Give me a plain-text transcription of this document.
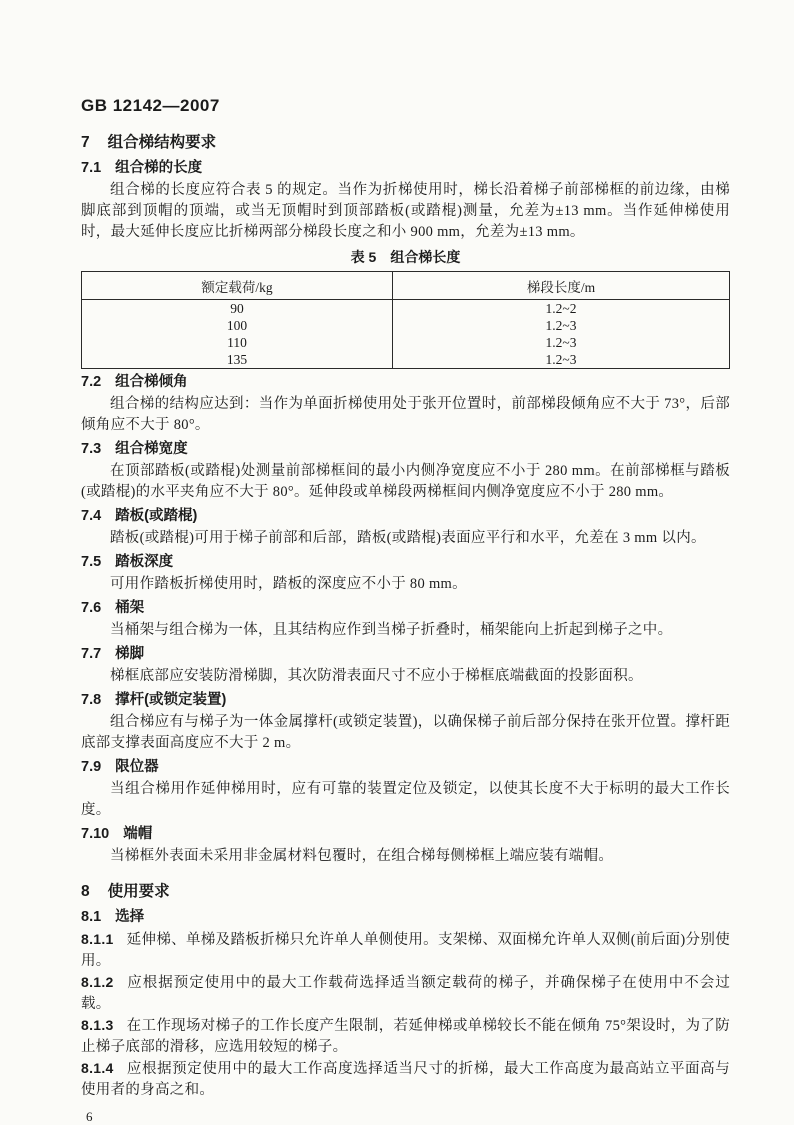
GB 12142—2007
7 组合梯结构要求
7.1 组合梯的长度

组合梯的长度应符合表 5 的规定。当作为折梯使用时，梯长沿着梯子前部梯框的前边缘，由梯脚底部到顶帽的顶端，或当无顶帽时到顶部踏板(或踏棍)测量，允差为±13 mm。当作延伸梯使用时，最大延伸长度应比折梯两部分梯段长度之和小 900 mm，允差为±13 mm。

表 5 组合梯长度
额定载荷/kg	梯段长度/m
90	1.2~2
100	1.2~3
110	1.2~3
135	1.2~3
7.2 组合梯倾角

组合梯的结构应达到：当作为单面折梯使用处于张开位置时，前部梯段倾角应不大于 73°，后部倾角应不大于 80°。

7.3 组合梯宽度

在顶部踏板(或踏棍)处测量前部梯框间的最小内侧净宽度应不小于 280 mm。在前部梯框与踏板(或踏棍)的水平夹角应不大于 80°。延伸段或单梯段两梯框间内侧净宽度应不小于 280 mm。

7.4 踏板(或踏棍)

踏板(或踏棍)可用于梯子前部和后部，踏板(或踏棍)表面应平行和水平，允差在 3 mm 以内。

7.5 踏板深度

可用作踏板折梯使用时，踏板的深度应不小于 80 mm。

7.6 桶架

当桶架与组合梯为一体，且其结构应作到当梯子折叠时，桶架能向上折起到梯子之中。

7.7 梯脚

梯框底部应安装防滑梯脚，其次防滑表面尺寸不应小于梯框底端截面的投影面积。

7.8 撑杆(或锁定装置)

组合梯应有与梯子为一体金属撑杆(或锁定装置)，以确保梯子前后部分保持在张开位置。撑杆距底部支撑表面高度应不大于 2 m。

7.9 限位器

当组合梯用作延伸梯用时，应有可靠的装置定位及锁定，以使其长度不大于标明的最大工作长度。

7.10 端帽

当梯框外表面未采用非金属材料包覆时，在组合梯每侧梯框上端应装有端帽。

8 使用要求
8.1 选择

8.1.1 延伸梯、单梯及踏板折梯只允许单人单侧使用。支架梯、双面梯允许单人双侧(前后面)分别使用。

8.1.2 应根据预定使用中的最大工作载荷选择适当额定载荷的梯子，并确保梯子在使用中不会过载。

8.1.3 在工作现场对梯子的工作长度产生限制，若延伸梯或单梯较长不能在倾角 75°架设时，为了防止梯子底部的滑移，应选用较短的梯子。

8.1.4 应根据预定使用中的最大工作高度选择适当尺寸的折梯，最大工作高度为最高站立平面高与使用者的身高之和。

6
